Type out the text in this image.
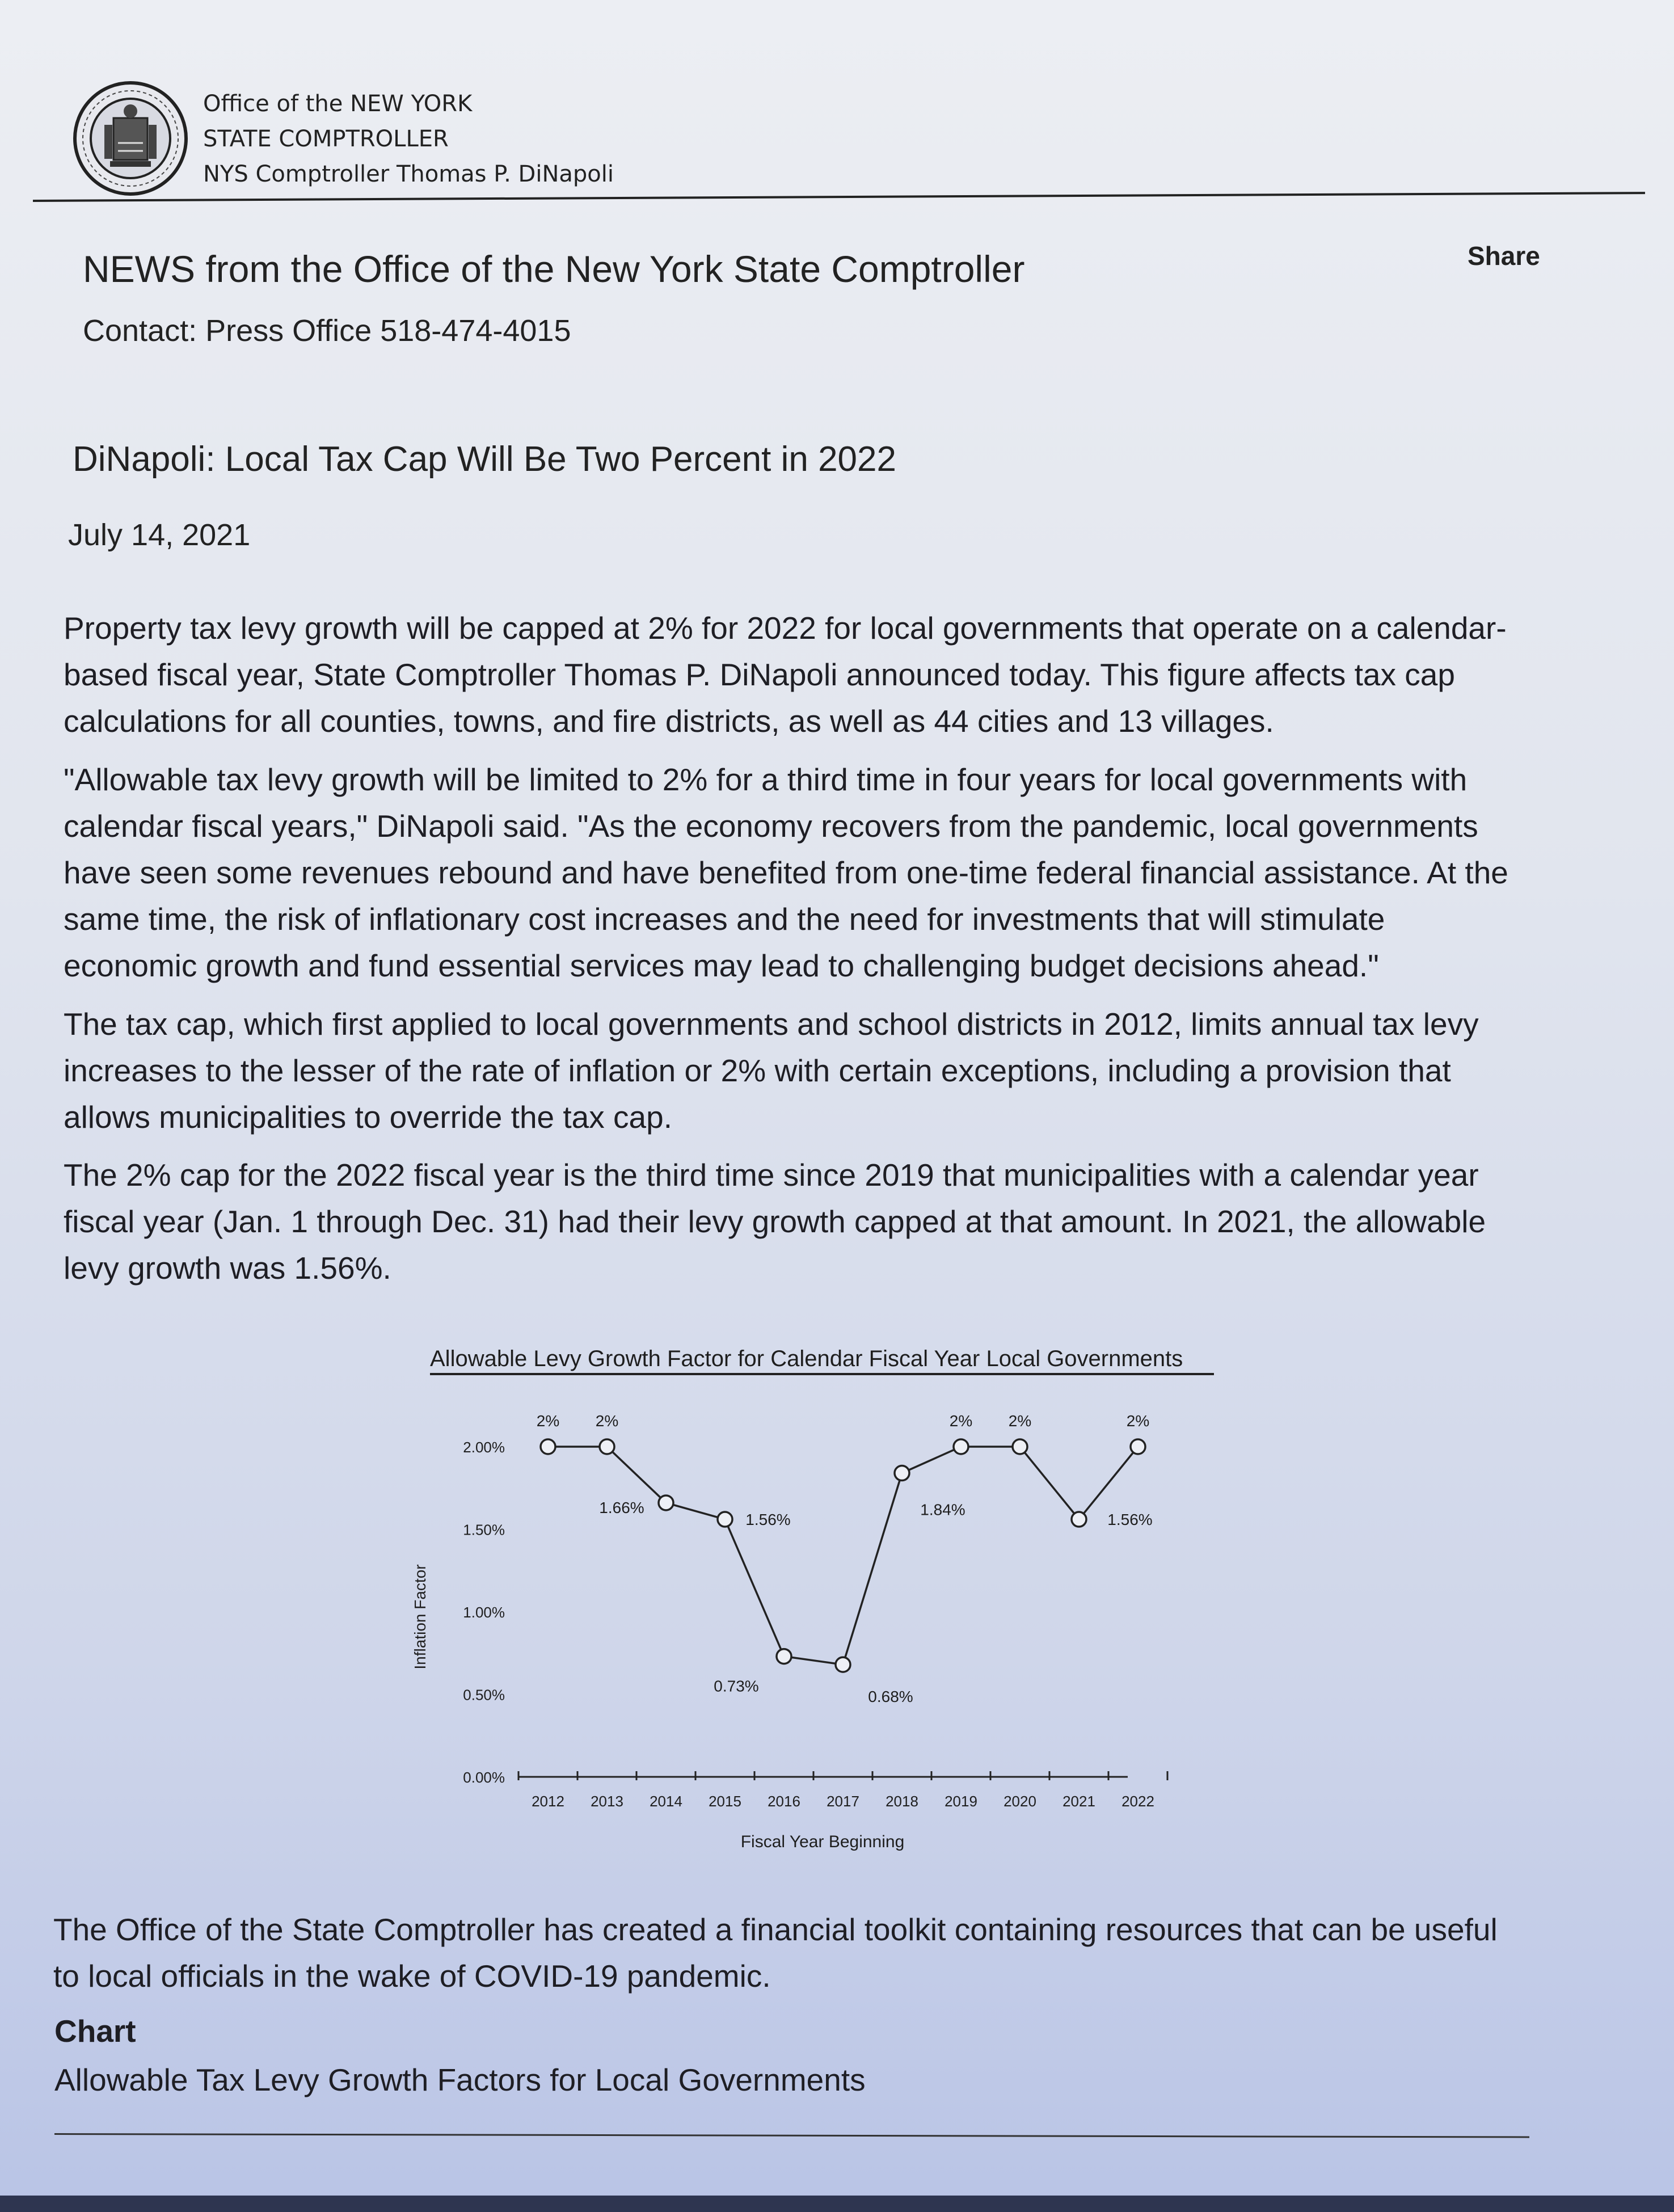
Office of the NEW YORK
STATE COMPTROLLER
NYS Comptroller Thomas P. DiNapoli
Share
NEWS from the Office of the New York State Comptroller
Contact: Press Office 518-474-4015
DiNapoli: Local Tax Cap Will Be Two Percent in 2022
July 14, 2021
Property tax levy growth will be capped at 2% for 2022 for local governments that operate on a calendar-
based fiscal year, State Comptroller Thomas P. DiNapoli announced today. This figure affects tax cap
calculations for all counties, towns, and fire districts, as well as 44 cities and 13 villages.
"Allowable tax levy growth will be limited to 2% for a third time in four years for local governments with
calendar fiscal years," DiNapoli said. "As the economy recovers from the pandemic, local governments
have seen some revenues rebound and have benefited from one-time federal financial assistance. At the
same time, the risk of inflationary cost increases and the need for investments that will stimulate
economic growth and fund essential services may lead to challenging budget decisions ahead."
The tax cap, which first applied to local governments and school districts in 2012, limits annual tax levy
increases to the lesser of the rate of inflation or 2% with certain exceptions, including a provision that
allows municipalities to override the tax cap.
The 2% cap for the 2022 fiscal year is the third time since 2019 that municipalities with a calendar year
fiscal year (Jan. 1 through Dec. 31) had their levy growth capped at that amount. In 2021, the allowable
levy growth was 1.56%.
Allowable Levy Growth Factor for Calendar Fiscal Year Local Governments
0.00%
0.50%
1.00%
1.50%
2.00%
2012 2013 2014 2015 2016 2017 2018 2019 2020 2021 2022
2% 2%
1.66%
1.56%
0.73%
0.68%
1.84%
2% 2%
1.56%
2%
Inflation Factor
Fiscal Year Beginning
The Office of the State Comptroller has created a financial toolkit containing resources that can be useful
to local officials in the wake of COVID-19 pandemic.
Chart
Allowable Tax Levy Growth Factors for Local Governments
